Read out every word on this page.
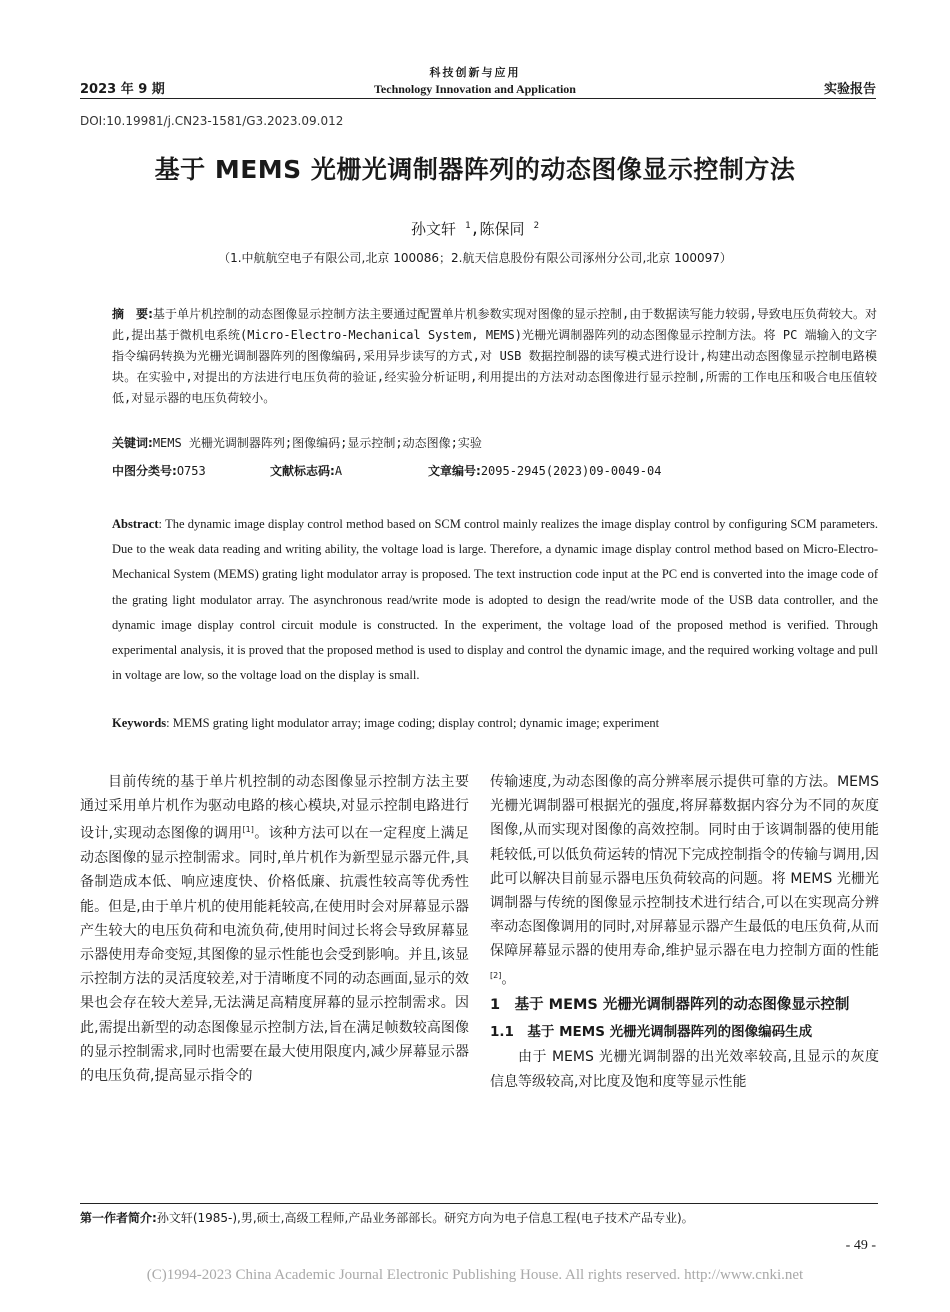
2023 年 9 期
科技创新与应用
Technology Innovation and Application	实验报告
DOI:10.19981/j.CN23-1581/G3.2023.09.012
基于 MEMS 光栅光调制器阵列的动态图像显示控制方法
孙文轩 $^1$,陈保同 $^2$
（1.中航航空电子有限公司,北京 100086；2.航天信息股份有限公司涿州分公司,北京 100097）
摘　要:基于单片机控制的动态图像显示控制方法主要通过配置单片机参数实现对图像的显示控制,由于数据读写能力较弱,导致电压负荷较大。对此,提出基于微机电系统(Micro-Electro-Mechanical System, MEMS)光栅光调制器阵列的动态图像显示控制方法。将 PC 端输入的文字指令编码转换为光栅光调制器阵列的图像编码,采用异步读写的方式,对 USB 数据控制器的读写模式进行设计,构建出动态图像显示控制电路模块。在实验中,对提出的方法进行电压负荷的验证,经实验分析证明,利用提出的方法对动态图像进行显示控制,所需的工作电压和吸合电压值较低,对显示器的电压负荷较小。
关键词:MEMS 光栅光调制器阵列;图像编码;显示控制;动态图像;实验
中图分类号:O753	文献标志码:A	文章编号:2095-2945(2023)09-0049-04
Abstract: The dynamic image display control method based on SCM control mainly realizes the image display control by configuring SCM parameters. Due to the weak data reading and writing ability, the voltage load is large. Therefore, a dynamic image display control method based on Micro-Electro-Mechanical System (MEMS) grating light modulator array is proposed. The text instruction code input at the PC end is converted into the image code of the grating light modulator array. The asynchronous read/write mode is adopted to design the read/write mode of the USB data controller, and the dynamic image display control circuit module is constructed. In the experiment, the voltage load of the proposed method is verified. Through experimental analysis, it is proved that the proposed method is used to display and control the dynamic image, and the required working voltage and pull in voltage are low, so the voltage load on the display is small.
Keywords: MEMS grating light modulator array; image coding; display control; dynamic image; experiment

目前传统的基于单片机控制的动态图像显示控制方法主要通过采用单片机作为驱动电路的核心模块,对显示控制电路进行设计,实现动态图像的调用[1]。该种方法可以在一定程度上满足动态图像的显示控制需求。同时,单片机作为新型显示器元件,具备制造成本低、响应速度快、价格低廉、抗震性较高等优秀性能。但是,由于单片机的使用能耗较高,在使用时会对屏幕显示器产生较大的电压负荷和电流负荷,使用时间过长将会导致屏幕显示器使用寿命变短,其图像的显示性能也会受到影响。并且,该显示控制方法的灵活度较差,对于清晰度不同的动态画面,显示的效果也会存在较大差异,无法满足高精度屏幕的显示控制需求。因此,需提出新型的动态图像显示控制方法,旨在满足帧数较高图像的显示控制需求,同时也需要在最大使用限度内,减少屏幕显示器的电压负荷,提高显示指令的

传输速度,为动态图像的高分辨率展示提供可靠的方法。MEMS 光栅光调制器可根据光的强度,将屏幕数据内容分为不同的灰度图像,从而实现对图像的高效控制。同时由于该调制器的使用能耗较低,可以低负荷运转的情况下完成控制指令的传输与调用,因此可以解决目前显示器电压负荷较高的问题。将 MEMS 光栅光调制器与传统的图像显示控制技术进行结合,可以在实现高分辨率动态图像调用的同时,对屏幕显示器产生最低的电压负荷,从而保障屏幕显示器的使用寿命,维护显示器在电力控制方面的性能[2]。

1　基于 MEMS 光栅光调制器阵列的动态图像显示控制
1.1　基于 MEMS 光栅光调制器阵列的图像编码生成

由于 MEMS 光栅光调制器的出光效率较高,且显示的灰度信息等级较高,对比度及饱和度等显示性能

第一作者简介:孙文轩(1985-),男,硕士,高级工程师,产品业务部部长。研究方向为电子信息工程(电子技术产品专业)。
- 49 -
(C)1994-2023 China Academic Journal Electronic Publishing House. All rights reserved. http://www.cnki.net
